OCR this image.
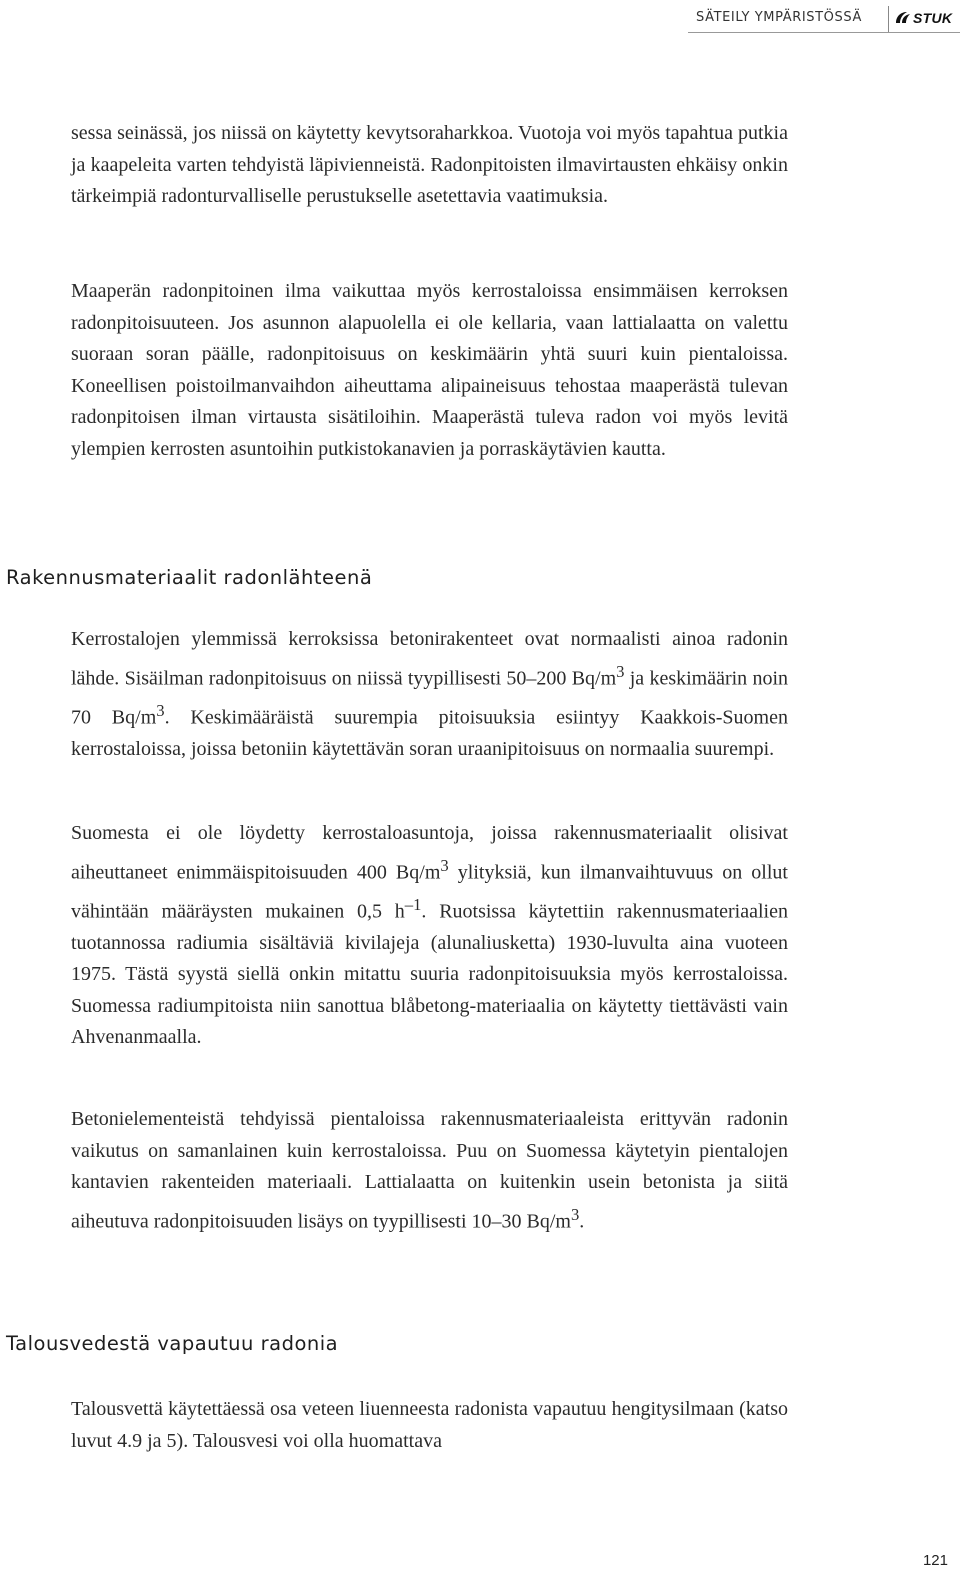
SÄTEILY YMPÄRISTÖSSÄ	STUK

sessa seinässä, jos niissä on käytetty kevytsoraharkkoa. Vuotoja voi myös tapahtua putkia ja kaapeleita varten tehdyistä läpivienneistä. Radonpitoisten ilmavirtausten ehkäisy onkin tärkeimpiä radonturvalliselle perustukselle asetettavia vaatimuksia.

Maaperän radonpitoinen ilma vaikuttaa myös kerrostaloissa ensimmäisen kerroksen radonpitoisuuteen. Jos asunnon alapuolella ei ole kellaria, vaan lattialaatta on valettu suoraan soran päälle, radonpitoisuus on keskimäärin yhtä suuri kuin pientaloissa. Koneellisen poistoilmanvaihdon aiheuttama alipaineisuus tehostaa maaperästä tulevan radonpitoisen ilman virtausta sisätiloihin. Maaperästä tuleva radon voi myös levitä ylempien kerrosten asuntoihin putkistokanavien ja porraskäytävien kautta.

Rakennusmateriaalit radonlähteenä

Kerrostalojen ylemmissä kerroksissa betonirakenteet ovat normaalisti ainoa radonin lähde. Sisäilman radonpitoisuus on niissä tyypillisesti 50–200 $Bq/m^3$ ja keskimäärin noin 70 $Bq/m^3$. Keskimääräistä suurempia pitoisuuksia esiintyy Kaakkois-Suomen kerrostaloissa, joissa betoniin käytettävän soran uraanipitoisuus on normaalia suurempi.

Suomesta ei ole löydetty kerrostaloasuntoja, joissa rakennusmateriaalit olisivat aiheuttaneet enimmäispitoisuuden 400 $Bq/m^3$ ylityksiä, kun ilmanvaihtuvuus on ollut vähintään määräysten mukainen 0,5 $h^{-1}$. Ruotsissa käytettiin rakennusmateriaalien tuotannossa radiumia sisältäviä kivilajeja (alunaliusketta) 1930-luvulta aina vuoteen 1975. Tästä syystä siellä onkin mitattu suuria radonpitoisuuksia myös kerrostaloissa. Suomessa radiumpitoista niin sanottua blåbetong-materiaalia on käytetty tiettävästi vain Ahvenanmaalla.

Betonielementeistä tehdyissä pientaloissa rakennusmateriaaleista erittyvän radonin vaikutus on samanlainen kuin kerrostaloissa. Puu on Suomessa käytetyin pientalojen kantavien rakenteiden materiaali. Lattialaatta on kuitenkin usein betonista ja siitä aiheutuva radonpitoisuuden lisäys on tyypillisesti 10–30 $Bq/m^3$.

Talousvedestä vapautuu radonia

Talousvettä käytettäessä osa veteen liuenneesta radonista vapautuu hengitysilmaan (katso luvut 4.9 ja 5). Talousvesi voi olla huomattava

121
